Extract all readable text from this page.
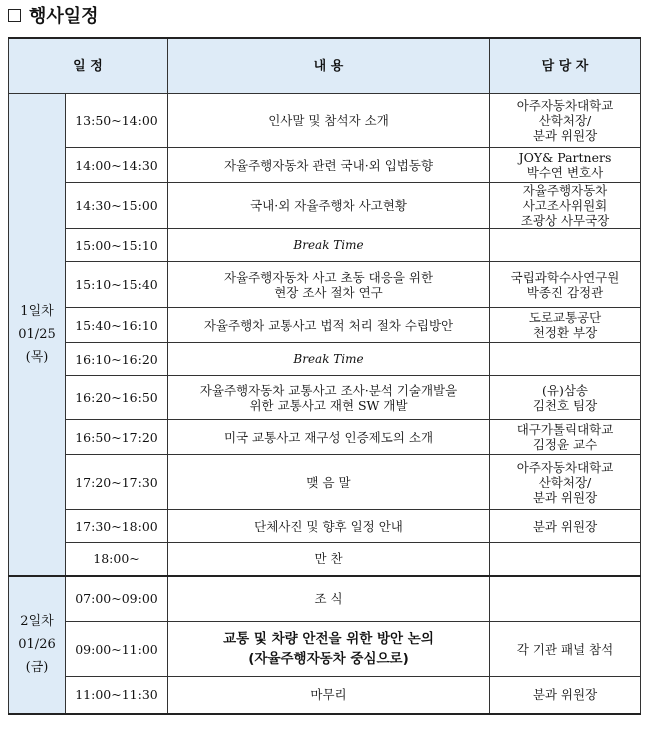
행사일정
일 정		내 용	담 당 자
1일차
01/25
(목)	13:50~14:00	인사말 및 참석자 소개	아주자동차대학교
산학처장/
분과 위원장
	14:00~14:30	자율주행자동차 관련 국내·외 입법동향	JOY& Partners
박수연 변호사
	14:30~15:00	국내·외 자율주행차 사고현황	자율주행자동차
사고조사위원회
조광상 사무국장
	15:00~15:10	Break Time	
	15:10~15:40	자율주행자동차 사고 초동 대응을 위한
현장 조사 절차 연구	국립과학수사연구원
박종진 감정관
	15:40~16:10	자율주행차 교통사고 법적 처리 절차 수립방안	도로교통공단
천정환 부장
	16:10~16:20	Break Time	
	16:20~16:50	자율주행자동차 교통사고 조사·분석 기술개발을
위한 교통사고 재현 SW 개발	(유)삼송
김천호 팀장
	16:50~17:20	미국 교통사고 재구성 인증제도의 소개	대구가톨릭대학교
김정윤 교수
	17:20~17:30	맺 음 말	아주자동차대학교
산학처장/
분과 위원장
	17:30~18:00	단체사진 및 향후 일정 안내	분과 위원장
	18:00~	만 찬	
2일차
01/26
(금)	07:00~09:00	조 식	
	09:00~11:00	교통 및 차량 안전을 위한 방안 논의
(자율주행자동차 중심으로)	각 기관 패널 참석
	11:00~11:30	마무리	분과 위원장
